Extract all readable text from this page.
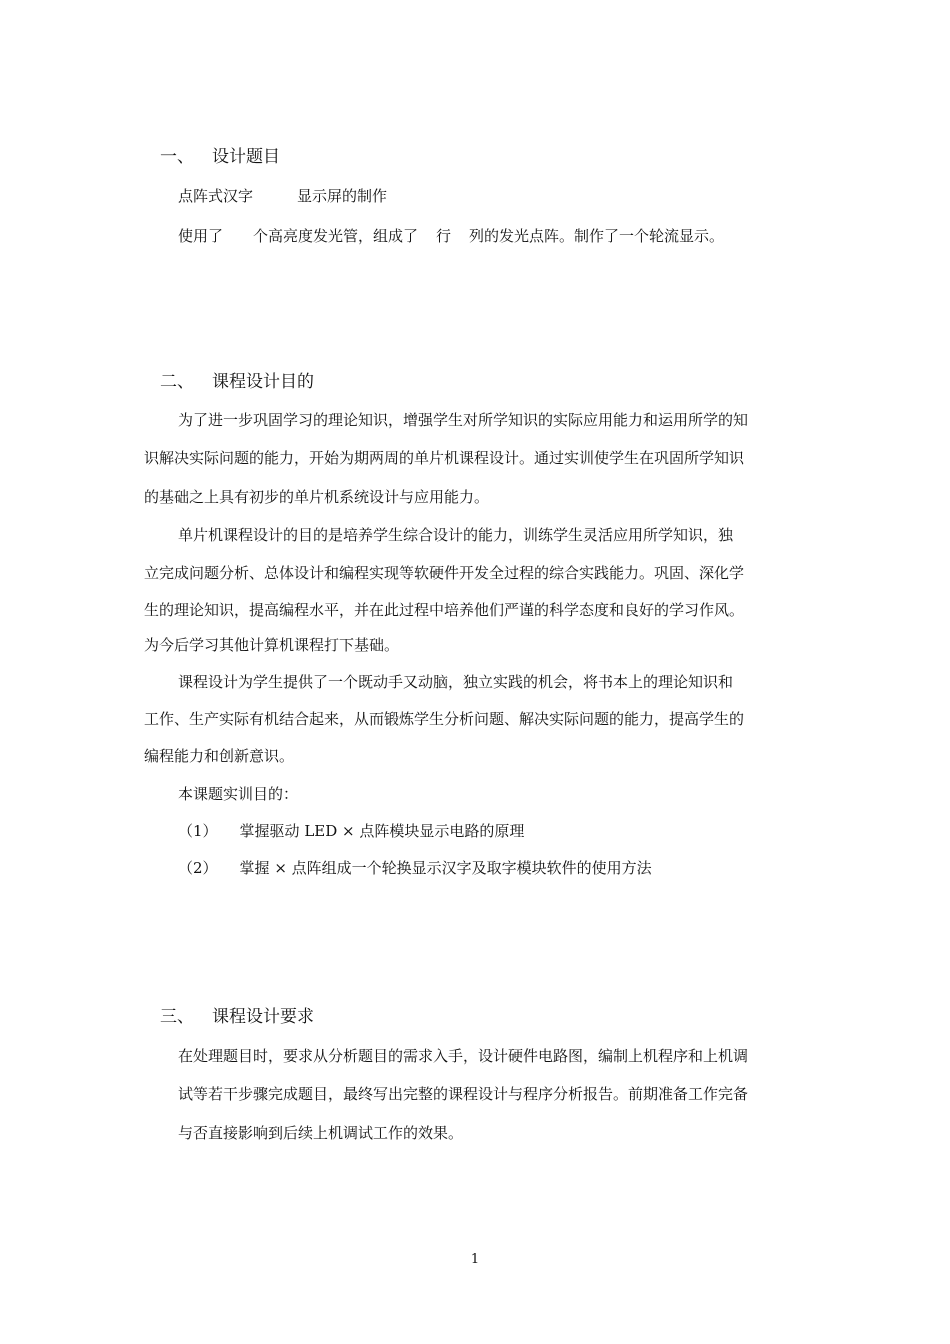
一、 设计题目
点阵式汉字	显示屏的制作
使用了 个高亮度发光管，组成了 行 列的发光点阵。制作了一个轮流显示。
二、 课程设计目的
为了进一步巩固学习的理论知识，增强学生对所学知识的实际应用能力和运用所学的知
识解决实际问题的能力，开始为期两周的单片机课程设计。通过实训使学生在巩固所学知识
的基础之上具有初步的单片机系统设计与应用能力。
单片机课程设计的目的是培养学生综合设计的能力，训练学生灵活应用所学知识，独
立完成问题分析、总体设计和编程实现等软硬件开发全过程的综合实践能力。巩固、深化学
生的理论知识，提高编程水平，并在此过程中培养他们严谨的科学态度和良好的学习作风。
为今后学习其他计算机课程打下基础。
课程设计为学生提供了一个既动手又动脑，独立实践的机会，将书本上的理论知识和
工作、生产实际有机结合起来，从而锻炼学生分析问题、解决实际问题的能力，提高学生的
编程能力和创新意识。
本课题实训目的：
（1） 掌握驱动 LED × 点阵模块显示电路的原理
（2） 掌握 × 点阵组成一个轮换显示汉字及取字模块软件的使用方法
三、 课程设计要求
在处理题目时，要求从分析题目的需求入手，设计硬件电路图，编制上机程序和上机调
试等若干步骤完成题目，最终写出完整的课程设计与程序分析报告。前期准备工作完备
与否直接影响到后续上机调试工作的效果。
1
